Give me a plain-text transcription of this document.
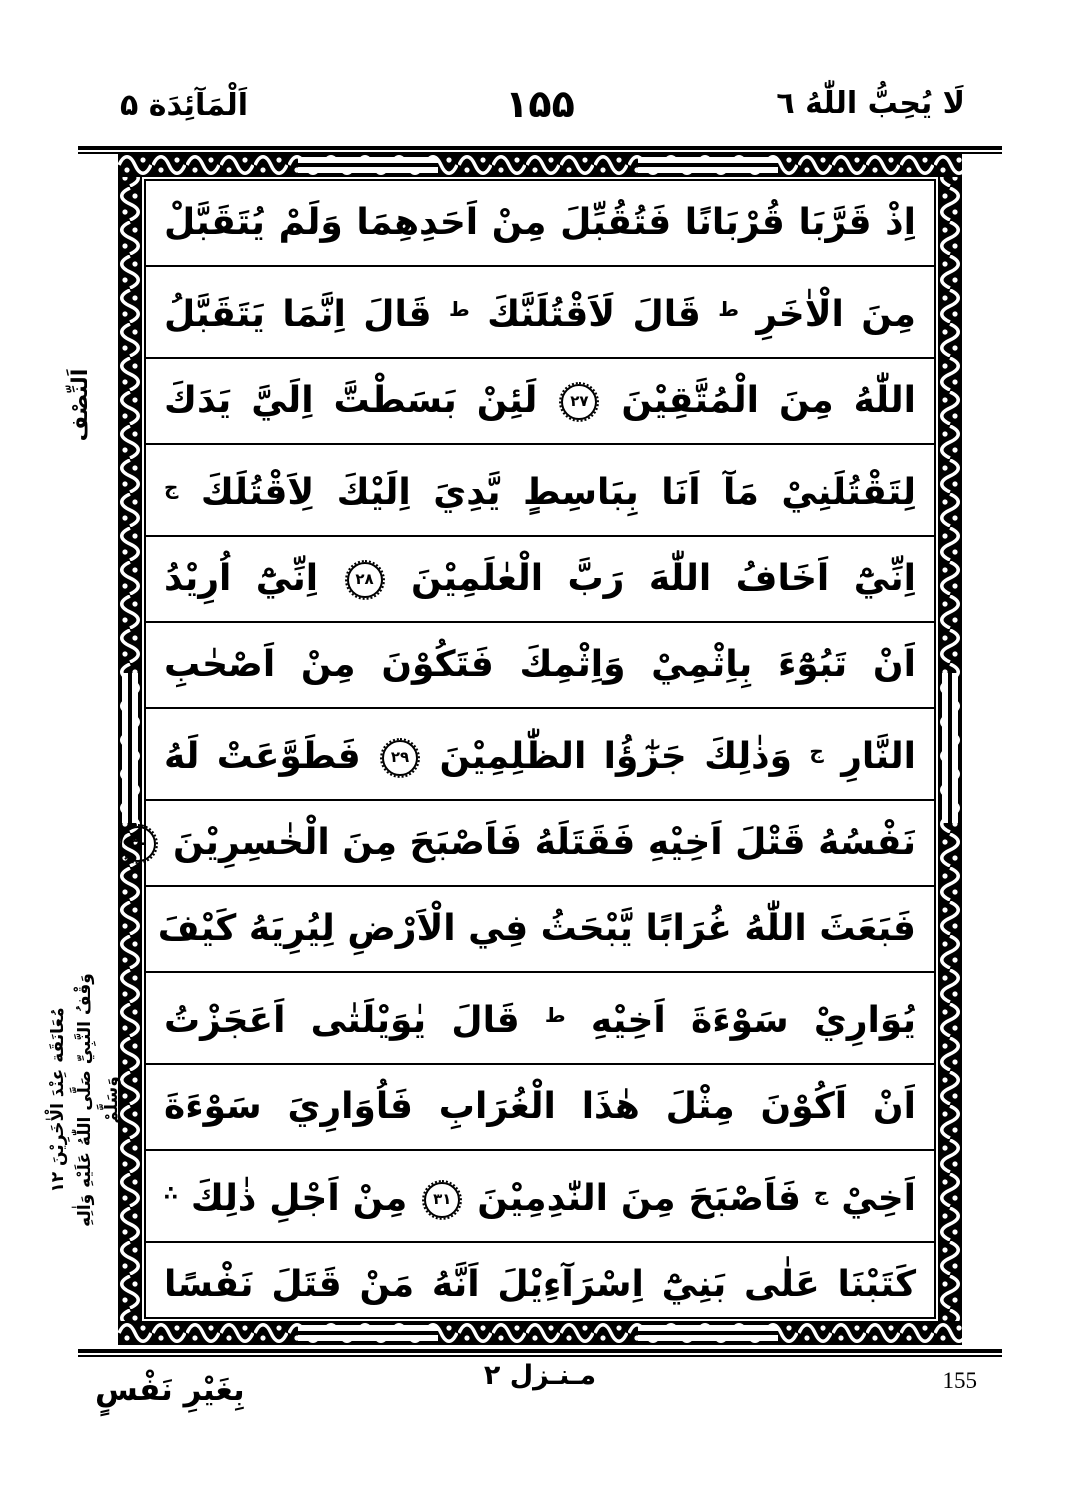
اَلْمَآئِدَة ۵	۱۵۵	لَا يُحِبُّ اللّٰهُ ٦
اِذْ قَرَّبَا قُرْبَانًا فَتُقُبِّلَ مِنْ اَحَدِهِمَا وَلَمْ يُتَقَبَّلْ
مِنَ الْاٰخَرِ $^ط$ قَالَ لَاَقْتُلَنَّكَ $^ط$ قَالَ اِنَّمَا يَتَقَبَّلُ
اللّٰهُ مِنَ الْمُتَّقِيْنَ ٢٧ لَئِنْ بَسَطْتَّ اِلَيَّ يَدَكَ
لِتَقْتُلَنِيْ مَآ اَنَا بِبَاسِطٍ يَّدِيَ اِلَيْكَ لِاَقْتُلَكَ $^ج$
اِنِّيْٓ اَخَافُ اللّٰهَ رَبَّ الْعٰلَمِيْنَ ٢٨ اِنِّيْٓ اُرِيْدُ
اَنْ تَبُوْٓءَ بِاِثْمِيْ وَاِثْمِكَ فَتَكُوْنَ مِنْ اَصْحٰبِ
النَّارِ $^ج$ وَذٰلِكَ جَزٰٓؤُا الظّٰلِمِيْنَ ٢٩ فَطَوَّعَتْ لَهُ
نَفْسُهُ قَتْلَ اَخِيْهِ فَقَتَلَهُ فَاَصْبَحَ مِنَ الْخٰسِرِيْنَ ٣٠
فَبَعَثَ اللّٰهُ غُرَابًا يَّبْحَثُ فِي الْاَرْضِ لِيُرِيَهُ كَيْفَ
يُوَارِيْ سَوْءَةَ اَخِيْهِ $^ط$ قَالَ يٰوَيْلَتٰى اَعَجَزْتُ
اَنْ اَكُوْنَ مِثْلَ هٰذَا الْغُرَابِ فَاُوَارِيَ سَوْءَةَ
اَخِيْ $^ج$ فَاَصْبَحَ مِنَ النّٰدِمِيْنَ ٣١ مِنْ اَجْلِ ذٰلِكَ ∴
كَتَبْنَا عَلٰى بَنِيْٓ اِسْرَآءِيْلَ اَنَّهُ مَنْ قَتَلَ نَفْسًا
اَلنِّصْف
مُعَانَقَة عِنْدَ الْاٰخَرِيْنَ ۱۲ وَقْفُ النَّبِيِّ صَلَّى اللّٰهُ عَلَيْهِ وَاٰلِهِ وَسَلَّمْ
مـنـزل ۲	155
بِغَيْرِ نَفْسٍ
